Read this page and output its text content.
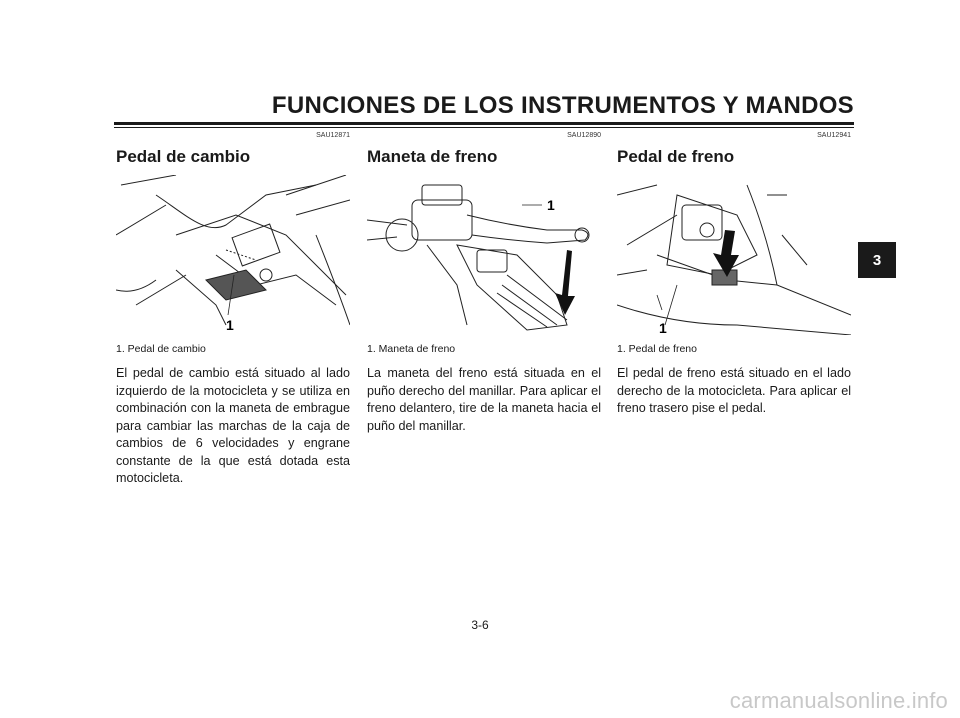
FUNCIONES DE LOS INSTRUMENTOS Y MANDOS
3
SAU12871
Pedal de cambio
1
1. Pedal de cambio
El pedal de cambio está situado al lado izquierdo de la motocicleta y se utiliza en combinación con la maneta de embrague para cambiar las marchas de la caja de cambios de 6 velocidades y engrane constante de la que está dotada esta motocicleta.
SAU12890
Maneta de freno
1
1. Maneta de freno
La maneta del freno está situada en el puño derecho del manillar. Para aplicar el freno delantero, tire de la maneta hacia el puño del manillar.
SAU12941
Pedal de freno
1
1. Pedal de freno
El pedal de freno está situado en el lado derecho de la motocicleta. Para aplicar el freno trasero pise el pedal.
3-6
carmanualsonline.info
